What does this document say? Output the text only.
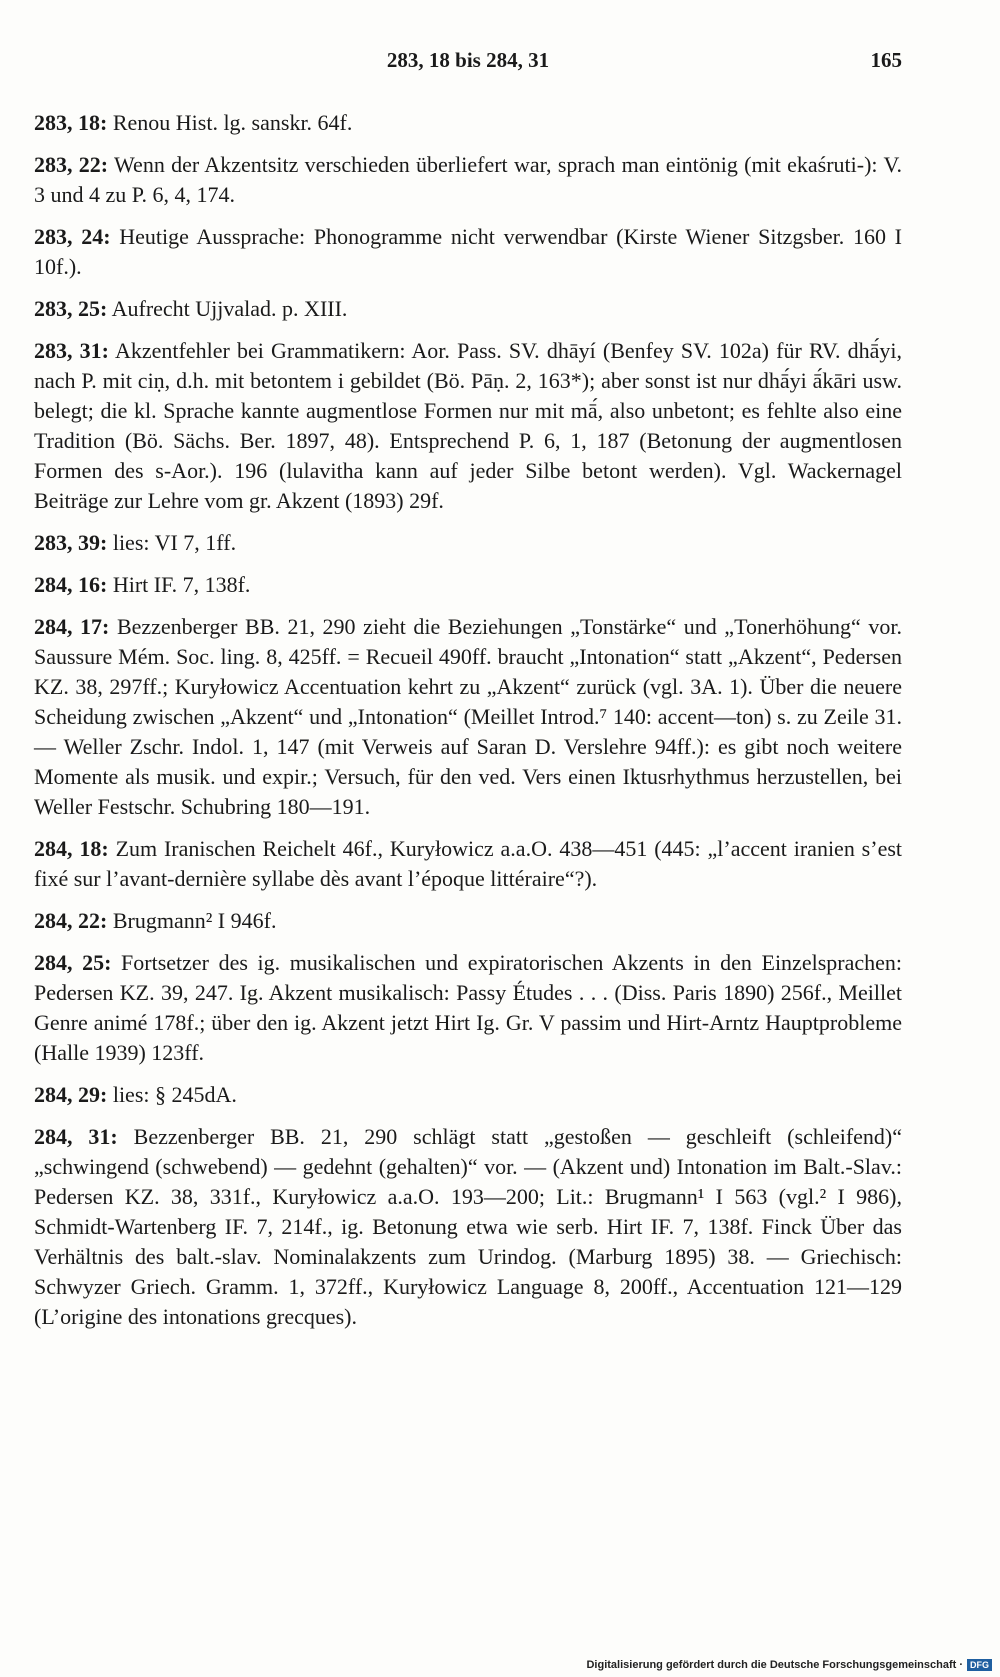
283, 18 bis 284, 31	165

283, 18: Renou Hist. lg. sanskr. 64f.

283, 22: Wenn der Akzentsitz verschieden überliefert war, sprach man eintönig (mit ekaśruti-): V. 3 und 4 zu P. 6, 4, 174.

283, 24: Heutige Aussprache: Phonogramme nicht verwendbar (Kirste Wiener Sitzgsber. 160 I 10f.).

283, 25: Aufrecht Ujjvalad. p. XIII.

283, 31: Akzentfehler bei Grammatikern: Aor. Pass. SV. dhāyí (Benfey SV. 102a) für RV. dhā́yi, nach P. mit ciṇ, d.h. mit betontem i gebildet (Bö. Pāṇ. 2, 163*); aber sonst ist nur dhā́yi ā́kāri usw. belegt; die kl. Sprache kannte augmentlose Formen nur mit mā́, also unbetont; es fehlte also eine Tradition (Bö. Sächs. Ber. 1897, 48). Entsprechend P. 6, 1, 187 (Betonung der augmentlosen Formen des s-Aor.). 196 (lulavitha kann auf jeder Silbe betont werden). Vgl. Wackernagel Beiträge zur Lehre vom gr. Akzent (1893) 29f.

283, 39: lies: VI 7, 1ff.

284, 16: Hirt IF. 7, 138f.

284, 17: Bezzenberger BB. 21, 290 zieht die Beziehungen „Tonstärke“ und „Tonerhöhung“ vor. Saussure Mém. Soc. ling. 8, 425ff. = Recueil 490ff. braucht „Intonation“ statt „Akzent“, Pedersen KZ. 38, 297ff.; Kuryłowicz Accentuation kehrt zu „Akzent“ zurück (vgl. 3A. 1). Über die neuere Scheidung zwischen „Akzent“ und „Intonation“ (Meillet Introd.⁷ 140: accent—ton) s. zu Zeile 31. — Weller Zschr. Indol. 1, 147 (mit Verweis auf Saran D. Verslehre 94ff.): es gibt noch weitere Momente als musik. und expir.; Versuch, für den ved. Vers einen Iktusrhythmus herzustellen, bei Weller Festschr. Schubring 180—191.

284, 18: Zum Iranischen Reichelt 46f., Kuryłowicz a.a.O. 438—451 (445: „l’accent iranien s’est fixé sur l’avant-dernière syllabe dès avant l’époque littéraire“?).

284, 22: Brugmann² I 946f.

284, 25: Fortsetzer des ig. musikalischen und expiratorischen Akzents in den Einzelsprachen: Pedersen KZ. 39, 247. Ig. Akzent musikalisch: Passy Études . . . (Diss. Paris 1890) 256f., Meillet Genre animé 178f.; über den ig. Akzent jetzt Hirt Ig. Gr. V passim und Hirt-Arntz Hauptprobleme (Halle 1939) 123ff.

284, 29: lies: § 245dA.

284, 31: Bezzenberger BB. 21, 290 schlägt statt „gestoßen — geschleift (schleifend)“ „schwingend (schwebend) — gedehnt (gehalten)“ vor. — (Akzent und) Intonation im Balt.-Slav.: Pedersen KZ. 38, 331f., Kuryłowicz a.a.O. 193—200; Lit.: Brugmann¹ I 563 (vgl.² I 986), Schmidt-Wartenberg IF. 7, 214f., ig. Betonung etwa wie serb. Hirt IF. 7, 138f. Finck Über das Verhältnis des balt.-slav. Nominalakzents zum Urindog. (Marburg 1895) 38. — Griechisch: Schwyzer Griech. Gramm. 1, 372ff., Kuryłowicz Language 8, 200ff., Accentuation 121—129 (L’origine des intonations grecques).

Digitalisierung gefördert durch die Deutsche Forschungsgemeinschaft · DFG
